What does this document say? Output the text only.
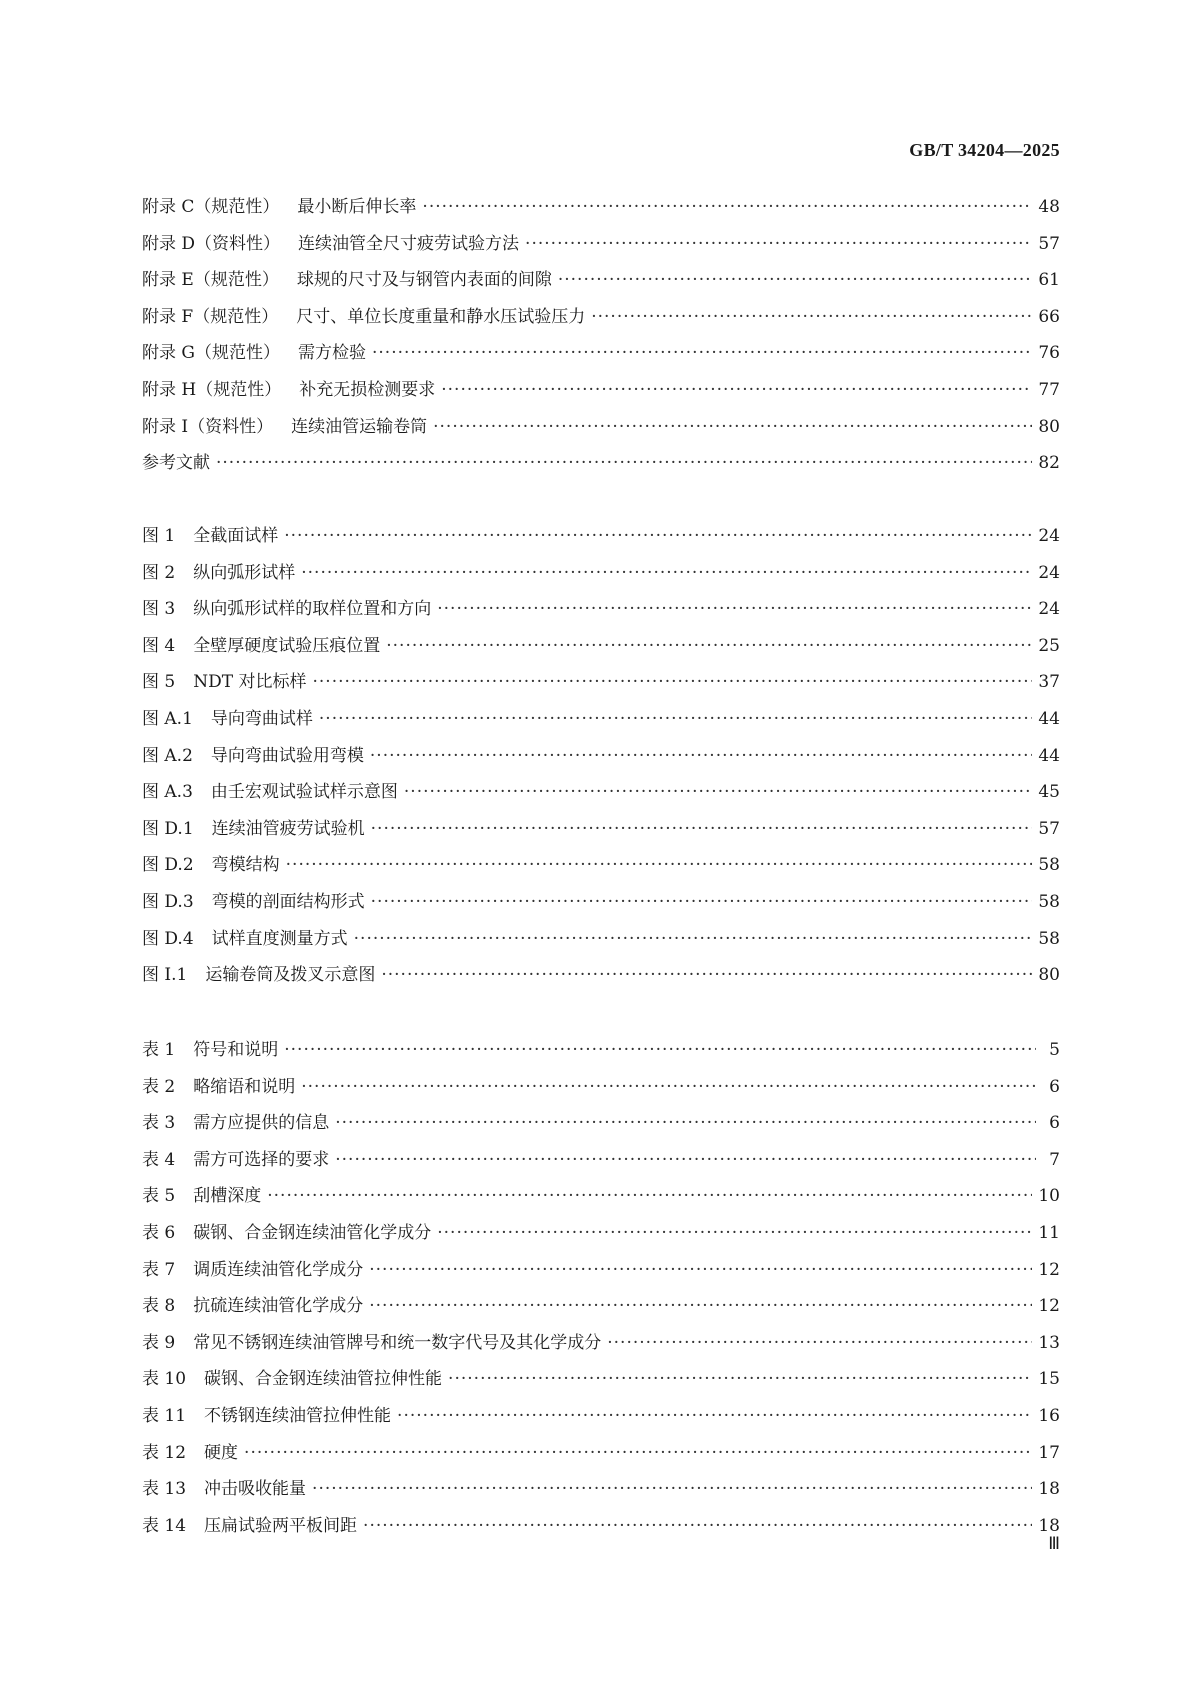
GB/T 34204—2025
附录 C（规范性） 最小断后伸长率 ·····	48
附录 D（资料性） 连续油管全尺寸疲劳试验方法 ·····	57
附录 E（规范性） 球规的尺寸及与钢管内表面的间隙 ·····	61
附录 F（规范性） 尺寸、单位长度重量和静水压试验压力 ·····	66
附录 G（规范性） 需方检验 ·····	76
附录 H（规范性） 补充无损检测要求 ·····	77
附录 I（资料性） 连续油管运输卷筒 ·····	80
参考文献 ·····	82
图 1 全截面试样 ·····	24
图 2 纵向弧形试样 ·····	24
图 3 纵向弧形试样的取样位置和方向 ·····	24
图 4 全壁厚硬度试验压痕位置 ·····	25
图 5 NDT 对比标样 ·····	37
图 A.1 导向弯曲试样 ·····	44
图 A.2 导向弯曲试验用弯模 ·····	44
图 A.3 由壬宏观试验试样示意图 ·····	45
图 D.1 连续油管疲劳试验机 ·····	57
图 D.2 弯模结构 ·····	58
图 D.3 弯模的剖面结构形式 ·····	58
图 D.4 试样直度测量方式 ·····	58
图 I.1 运输卷筒及拨叉示意图 ·····	80
表 1 符号和说明 ·····	5
表 2 略缩语和说明 ·····	6
表 3 需方应提供的信息 ·····	6
表 4 需方可选择的要求 ·····	7
表 5 刮槽深度 ·····	10
表 6 碳钢、合金钢连续油管化学成分 ·····	11
表 7 调质连续油管化学成分 ·····	12
表 8 抗硫连续油管化学成分 ·····	12
表 9 常见不锈钢连续油管牌号和统一数字代号及其化学成分 ·····	13
表 10 碳钢、合金钢连续油管拉伸性能 ·····	15
表 11 不锈钢连续油管拉伸性能 ·····	16
表 12 硬度 ·····	17
表 13 冲击吸收能量 ·····	18
表 14 压扁试验两平板间距 ·····	18
Ⅲ
